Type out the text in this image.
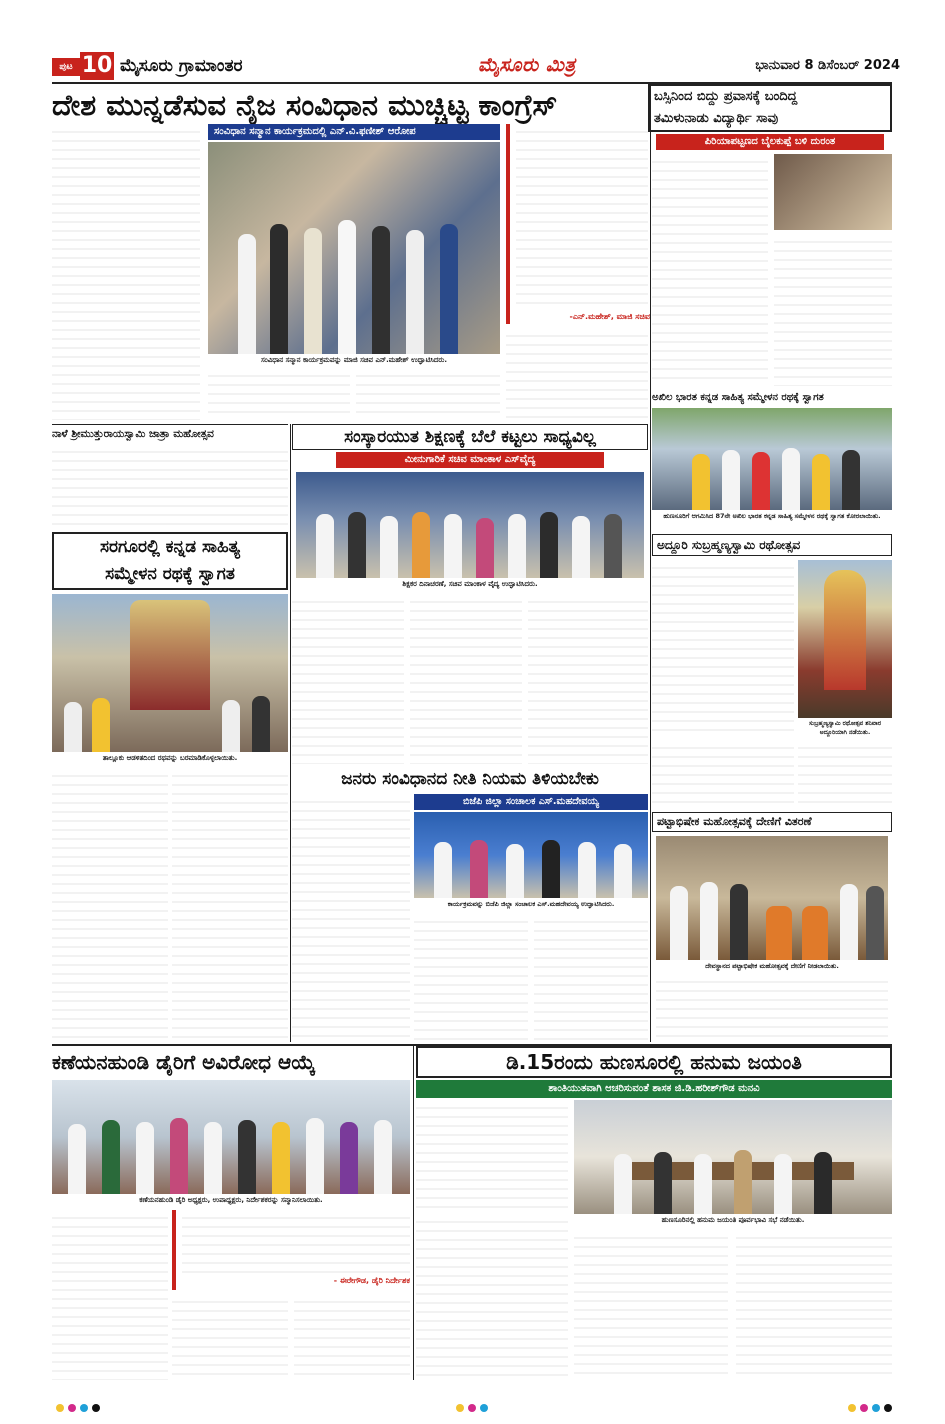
ಪುಟ 10 ಮೈಸೂರು ಗ್ರಾಮಾಂತರ	ಮೈಸೂರು ಮಿತ್ರ	ಭಾನುವಾರ 8 ಡಿಸೆಂಬರ್ 2024
ದೇಶ ಮುನ್ನಡೆಸುವ ನೈಜ ಸಂವಿಧಾನ ಮುಚ್ಚಿಟ್ಟ ಕಾಂಗ್ರೆಸ್
ಸಂವಿಧಾನ ಸನ್ಮಾನ ಕಾರ್ಯಕ್ರಮದಲ್ಲಿ ಎನ್.ವಿ.ಫಣೀಶ್ ಆರೋಪ
ಸಂವಿಧಾನ ಸನ್ಮಾನ ಕಾರ್ಯಕ್ರಮವನ್ನು ಮಾಜಿ ಸಚಿವ ಎನ್.ಮಹೇಶ್ ಉದ್ಘಾಟಿಸಿದರು.
-ಎನ್.ಮಹೇಶ್, ಮಾಜಿ ಸಚಿವ
ಬಸ್ಸಿನಿಂದ ಬಿದ್ದು ಪ್ರವಾಸಕ್ಕೆ ಬಂದಿದ್ದ
ತಮಿಳುನಾಡು ವಿದ್ಯಾರ್ಥಿ ಸಾವು
ಪಿರಿಯಾಪಟ್ಟಣದ ಬೈಲಕುಪ್ಪೆ ಬಳಿ ದುರಂತ
ಅಖಿಲ ಭಾರತ ಕನ್ನಡ ಸಾಹಿತ್ಯ ಸಮ್ಮೇಳನ ರಥಕ್ಕೆ ಸ್ವಾಗತ
ಹುಣಸೂರಿಗೆ ಆಗಮಿಸಿದ 87ನೇ ಅಖಿಲ ಭಾರತ ಕನ್ನಡ ಸಾಹಿತ್ಯ ಸಮ್ಮೇಳನ ರಥಕ್ಕೆ ಸ್ವಾಗತ ಕೋರಲಾಯಿತು.
ನಾಳೆ ಶ್ರೀಮುತ್ತುರಾಯಸ್ವಾಮಿ ಜಾತ್ರಾ ಮಹೋತ್ಸವ
ಸರಗೂರಲ್ಲಿ ಕನ್ನಡ ಸಾಹಿತ್ಯ
ಸಮ್ಮೇಳನ ರಥಕ್ಕೆ ಸ್ವಾಗತ
ತಾಲ್ಲೂಕು ಆಡಳಿತದಿಂದ ರಥವನ್ನು ಬರಮಾಡಿಕೊಳ್ಳಲಾಯಿತು.
ಸಂಸ್ಕಾರಯುತ ಶಿಕ್ಷಣಕ್ಕೆ ಬೆಲೆ ಕಟ್ಟಲು ಸಾಧ್ಯವಿಲ್ಲ
ಮೀನುಗಾರಿಕೆ ಸಚಿವ ಮಾಂಕಾಳ ಎಸ್‌ವೈದ್ಯ
ಶಿಕ್ಷಕರ ದಿನಾಚರಣೆ, ಸಚಿವ ಮಾಂಕಾಳ ವೈದ್ಯ ಉದ್ಘಾಟಿಸಿದರು.
ಅದ್ದೂರಿ ಸುಬ್ರಹ್ಮಣ್ಯಸ್ವಾಮಿ ರಥೋತ್ಸವ
ಸುಬ್ರಹ್ಮಣ್ಯಸ್ವಾಮಿ ರಥೋತ್ಸವ ಶನಿವಾರ ಅದ್ದೂರಿಯಾಗಿ ನಡೆಯಿತು.
ಜನರು ಸಂವಿಧಾನದ ನೀತಿ ನಿಯಮ ತಿಳಿಯಬೇಕು
ಬಿಜೆಪಿ ಜಿಲ್ಲಾ ಸಂಚಾಲಕ ಎಸ್.ಮಹದೇವಯ್ಯ
ಕಾರ್ಯಕ್ರಮವನ್ನು ಬಿಜೆಪಿ ಜಿಲ್ಲಾ ಸಂಚಾಲಕ ಎಸ್.ಮಹದೇವಯ್ಯ ಉದ್ಘಾಟಿಸಿದರು.
ಪಟ್ಟಾಭಿಷೇಕ ಮಹೋತ್ಸವಕ್ಕೆ ದೇಣಿಗೆ ವಿತರಣೆ
ದೇವಸ್ಥಾನದ ಪಟ್ಟಾಭಿಷೇಕ ಮಹೋತ್ಸವಕ್ಕೆ ದೇಣಿಗೆ ನೀಡಲಾಯಿತು.
ಕಣೆಯನಹುಂಡಿ ಡೈರಿಗೆ ಅವಿರೋಧ ಆಯ್ಕೆ
ಕಣೆಯನಹುಂಡಿ ಡೈರಿ ಅಧ್ಯಕ್ಷರು, ಉಪಾಧ್ಯಕ್ಷರು, ನಿರ್ದೇಶಕರನ್ನು ಸನ್ಮಾನಿಸಲಾಯಿತು.
- ಈರೇಗೌಡ, ಡೈರಿ ನಿರ್ದೇಶಕ
ಡಿ.15ರಂದು ಹುಣಸೂರಲ್ಲಿ ಹನುಮ ಜಯಂತಿ
ಶಾಂತಿಯುತವಾಗಿ ಆಚರಿಸುವಂತೆ ಶಾಸಕ ಜಿ.ಡಿ.ಹರೀಶ್‌ಗೌಡ ಮನವಿ
ಹುಣಸೂರಿನಲ್ಲಿ ಹನುಮ ಜಯಂತಿ ಪೂರ್ವಭಾವಿ ಸಭೆ ನಡೆಯಿತು.
